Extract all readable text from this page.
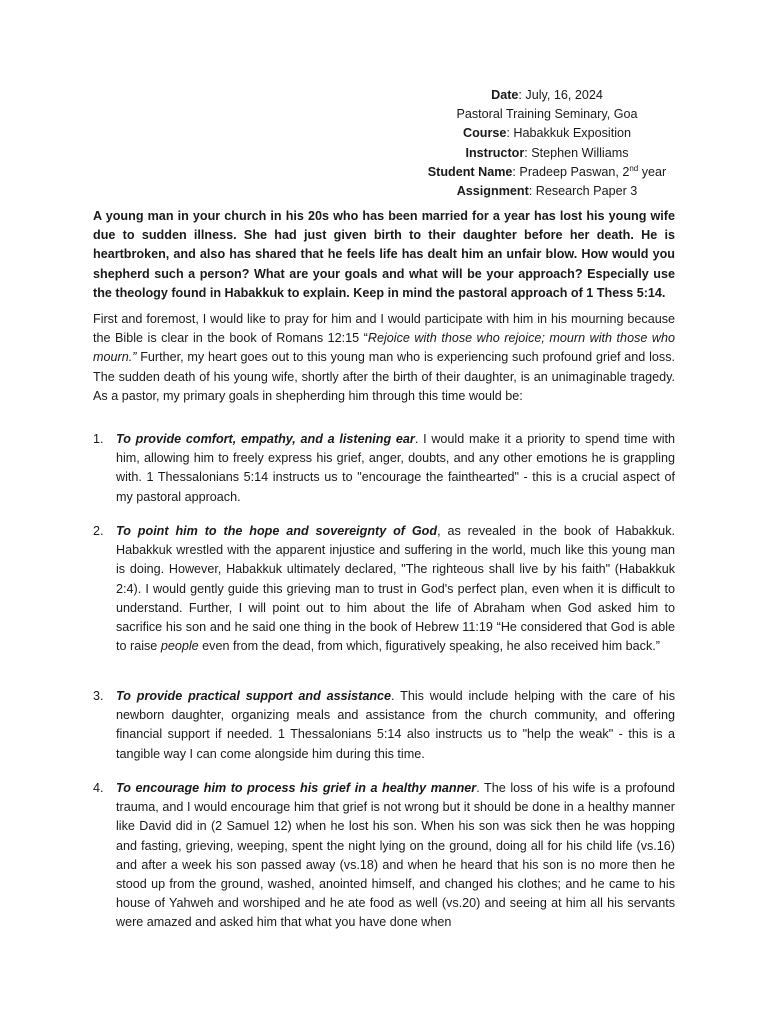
Date: July, 16, 2024
Pastoral Training Seminary, Goa
Course: Habakkuk Exposition
Instructor: Stephen Williams
Student Name: Pradeep Paswan, 2nd year
Assignment: Research Paper 3

A young man in your church in his 20s who has been married for a year has lost his young wife due to sudden illness. She had just given birth to their daughter before her death. He is heartbroken, and also has shared that he feels life has dealt him an unfair blow. How would you shepherd such a person? What are your goals and what will be your approach? Especially use the theology found in Habakkuk to explain. Keep in mind the pastoral approach of 1 Thess 5:14.

First and foremost, I would like to pray for him and I would participate with him in his mourning because the Bible is clear in the book of Romans 12:15 “Rejoice with those who rejoice; mourn with those who mourn.” Further, my heart goes out to this young man who is experiencing such profound grief and loss. The sudden death of his young wife, shortly after the birth of their daughter, is an unimaginable tragedy. As a pastor, my primary goals in shepherding him through this time would be:

1. To provide comfort, empathy, and a listening ear. I would make it a priority to spend time with him, allowing him to freely express his grief, anger, doubts, and any other emotions he is grappling with. 1 Thessalonians 5:14 instructs us to "encourage the fainthearted" - this is a crucial aspect of my pastoral approach.
2. To point him to the hope and sovereignty of God, as revealed in the book of Habakkuk. Habakkuk wrestled with the apparent injustice and suffering in the world, much like this young man is doing. However, Habakkuk ultimately declared, "The righteous shall live by his faith" (Habakkuk 2:4). I would gently guide this grieving man to trust in God's perfect plan, even when it is difficult to understand. Further, I will point out to him about the life of Abraham when God asked him to sacrifice his son and he said one thing in the book of Hebrew 11:19 “He considered that God is able to raise people even from the dead, from which, figuratively speaking, he also received him back.”
3. To provide practical support and assistance. This would include helping with the care of his newborn daughter, organizing meals and assistance from the church community, and offering financial support if needed. 1 Thessalonians 5:14 also instructs us to "help the weak" - this is a tangible way I can come alongside him during this time.
4. To encourage him to process his grief in a healthy manner. The loss of his wife is a profound trauma, and I would encourage him that grief is not wrong but it should be done in a healthy manner like David did in (2 Samuel 12) when he lost his son. When his son was sick then he was hopping and fasting, grieving, weeping, spent the night lying on the ground, doing all for his child life (vs.16) and after a week his son passed away (vs.18) and when he heard that his son is no more then he stood up from the ground, washed, anointed himself, and changed his clothes; and he came to his house of Yahweh and worshiped and he ate food as well (vs.20) and seeing at him all his servants were amazed and asked him that what you have done when
